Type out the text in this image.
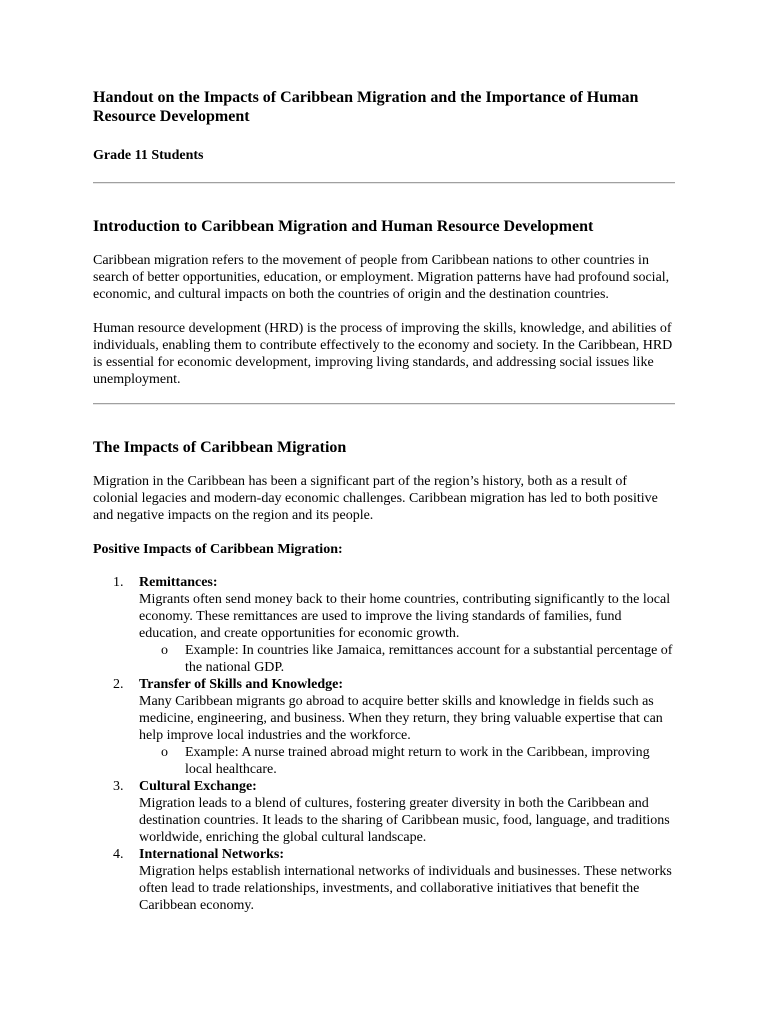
Handout on the Impacts of Caribbean Migration and the Importance of Human Resource Development
Grade 11 Students
Introduction to Caribbean Migration and Human Resource Development

Caribbean migration refers to the movement of people from Caribbean nations to other countries in search of better opportunities, education, or employment. Migration patterns have had profound social, economic, and cultural impacts on both the countries of origin and the destination countries.

Human resource development (HRD) is the process of improving the skills, knowledge, and abilities of individuals, enabling them to contribute effectively to the economy and society. In the Caribbean, HRD is essential for economic development, improving living standards, and addressing social issues like unemployment.

The Impacts of Caribbean Migration

Migration in the Caribbean has been a significant part of the region’s history, both as a result of colonial legacies and modern-day economic challenges. Caribbean migration has led to both positive and negative impacts on the region and its people.

Positive Impacts of Caribbean Migration:
1. Remittances:
Migrants often send money back to their home countries, contributing significantly to the local economy. These remittances are used to improve the living standards of families, fund education, and create opportunities for economic growth.
o Example: In countries like Jamaica, remittances account for a substantial percentage of the national GDP.
2. Transfer of Skills and Knowledge:
Many Caribbean migrants go abroad to acquire better skills and knowledge in fields such as medicine, engineering, and business. When they return, they bring valuable expertise that can help improve local industries and the workforce.
o Example: A nurse trained abroad might return to work in the Caribbean, improving local healthcare.
3. Cultural Exchange:
Migration leads to a blend of cultures, fostering greater diversity in both the Caribbean and destination countries. It leads to the sharing of Caribbean music, food, language, and traditions worldwide, enriching the global cultural landscape.
4. International Networks:
Migration helps establish international networks of individuals and businesses. These networks often lead to trade relationships, investments, and collaborative initiatives that benefit the Caribbean economy.
